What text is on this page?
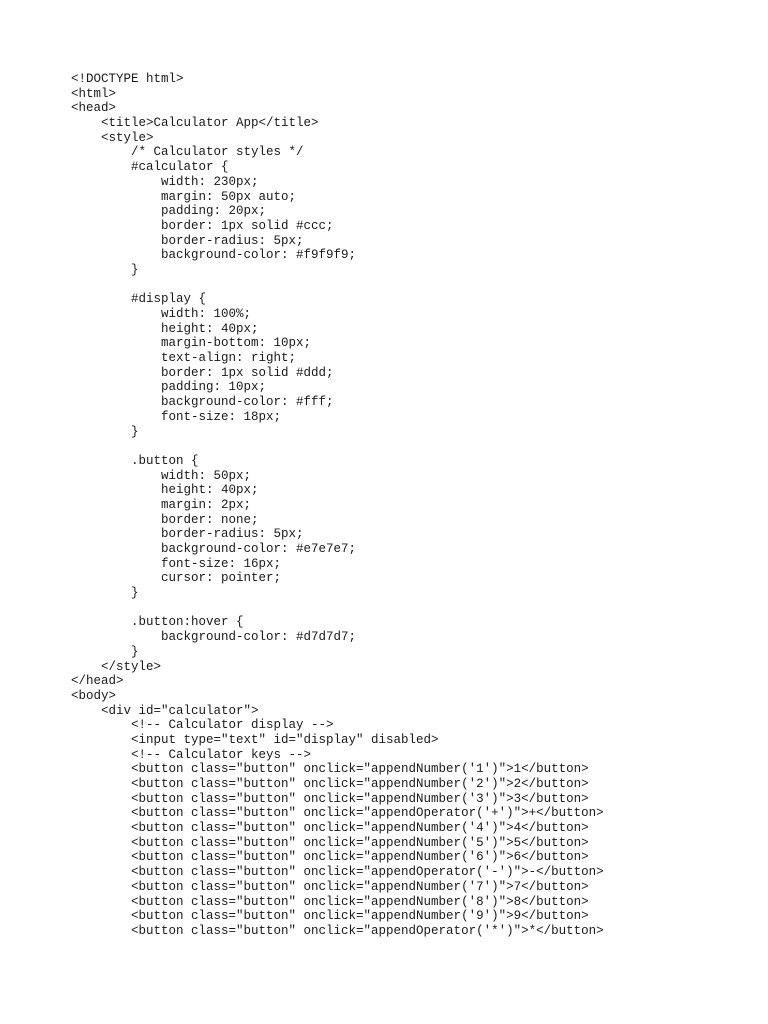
<!DOCTYPE html>
<html>
<head>
<title>Calculator App</title>
<style>
/* Calculator styles */
#calculator {
width: 230px;
margin: 50px auto;
padding: 20px;
border: 1px solid #ccc;
border-radius: 5px;
background-color: #f9f9f9;
}
#display {
width: 100%;
height: 40px;
margin-bottom: 10px;
text-align: right;
border: 1px solid #ddd;
padding: 10px;
background-color: #fff;
font-size: 18px;
}
.button {
width: 50px;
height: 40px;
margin: 2px;
border: none;
border-radius: 5px;
background-color: #e7e7e7;
font-size: 16px;
cursor: pointer;
}
.button:hover {
background-color: #d7d7d7;
}
</style>
</head>
<body>
<div id="calculator">
<!-- Calculator display -->
<input type="text" id="display" disabled>
<!-- Calculator keys -->
<button class="button" onclick="appendNumber('1')">1</button>
<button class="button" onclick="appendNumber('2')">2</button>
<button class="button" onclick="appendNumber('3')">3</button>
<button class="button" onclick="appendOperator('+')">+</button>
<button class="button" onclick="appendNumber('4')">4</button>
<button class="button" onclick="appendNumber('5')">5</button>
<button class="button" onclick="appendNumber('6')">6</button>
<button class="button" onclick="appendOperator('-')">-</button>
<button class="button" onclick="appendNumber('7')">7</button>
<button class="button" onclick="appendNumber('8')">8</button>
<button class="button" onclick="appendNumber('9')">9</button>
<button class="button" onclick="appendOperator('*')">*</button>
